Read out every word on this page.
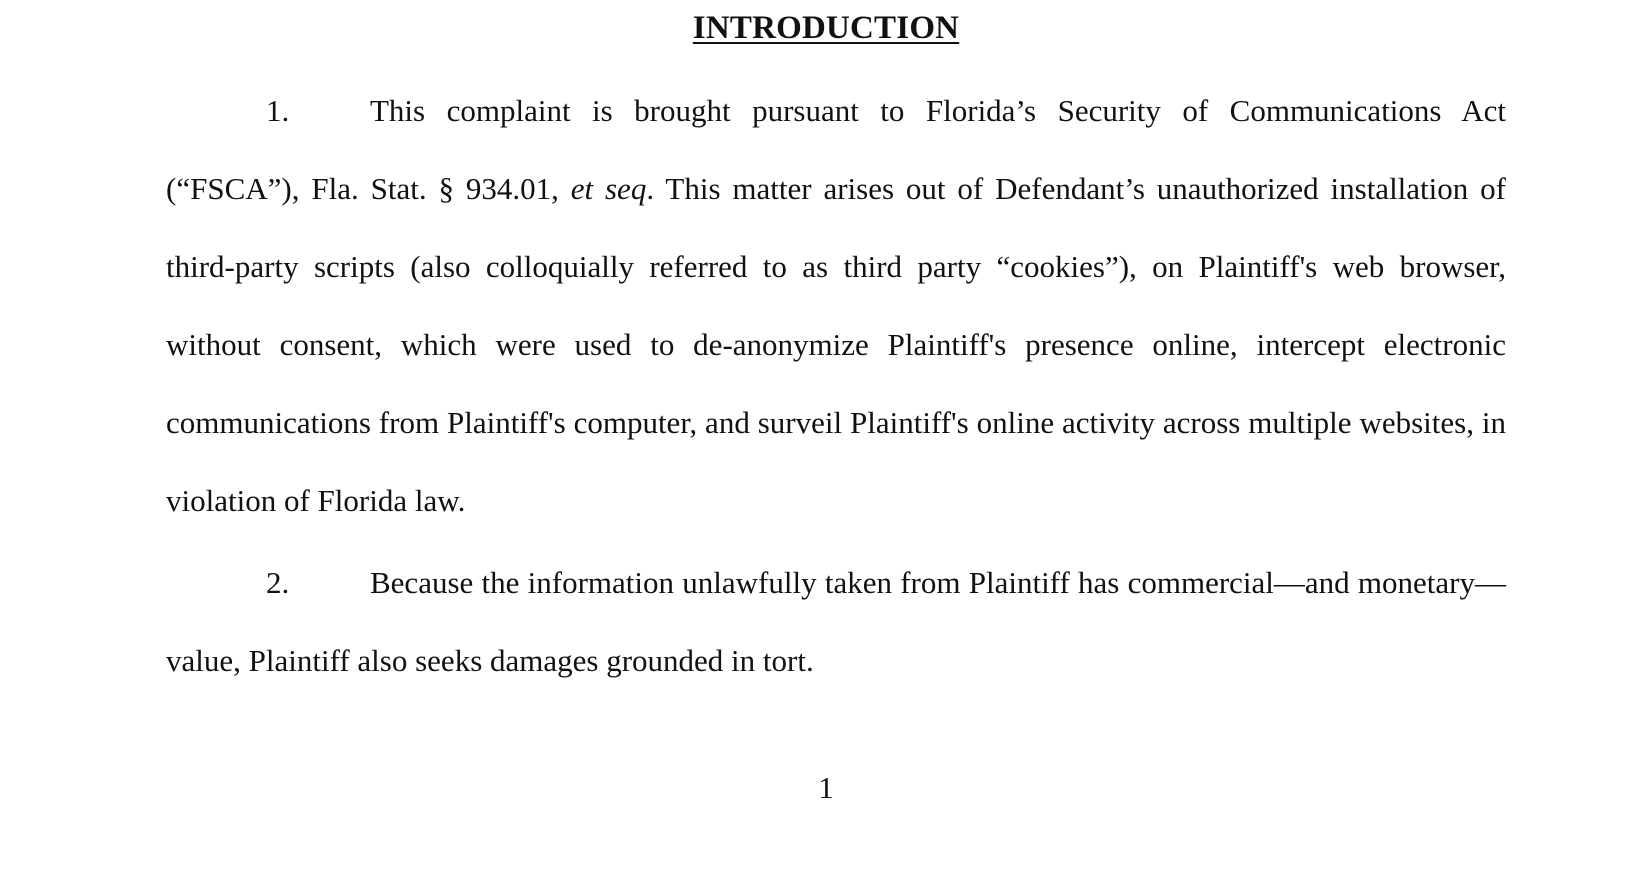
INTRODUCTION

1.	This complaint is brought pursuant to Florida’s Security of Communications Act (“FSCA”), Fla. Stat. § 934.01, et seq. This matter arises out of Defendant’s unauthorized installation of third-party scripts (also colloquially referred to as third party “cookies”), on Plaintiff's web browser, without consent, which were used to de-anonymize Plaintiff's presence online, intercept electronic communications from Plaintiff's computer, and surveil Plaintiff's online activity across multiple websites, in violation of Florida law.

2.	Because the information unlawfully taken from Plaintiff has commercial—and monetary—value, Plaintiff also seeks damages grounded in tort.

1
